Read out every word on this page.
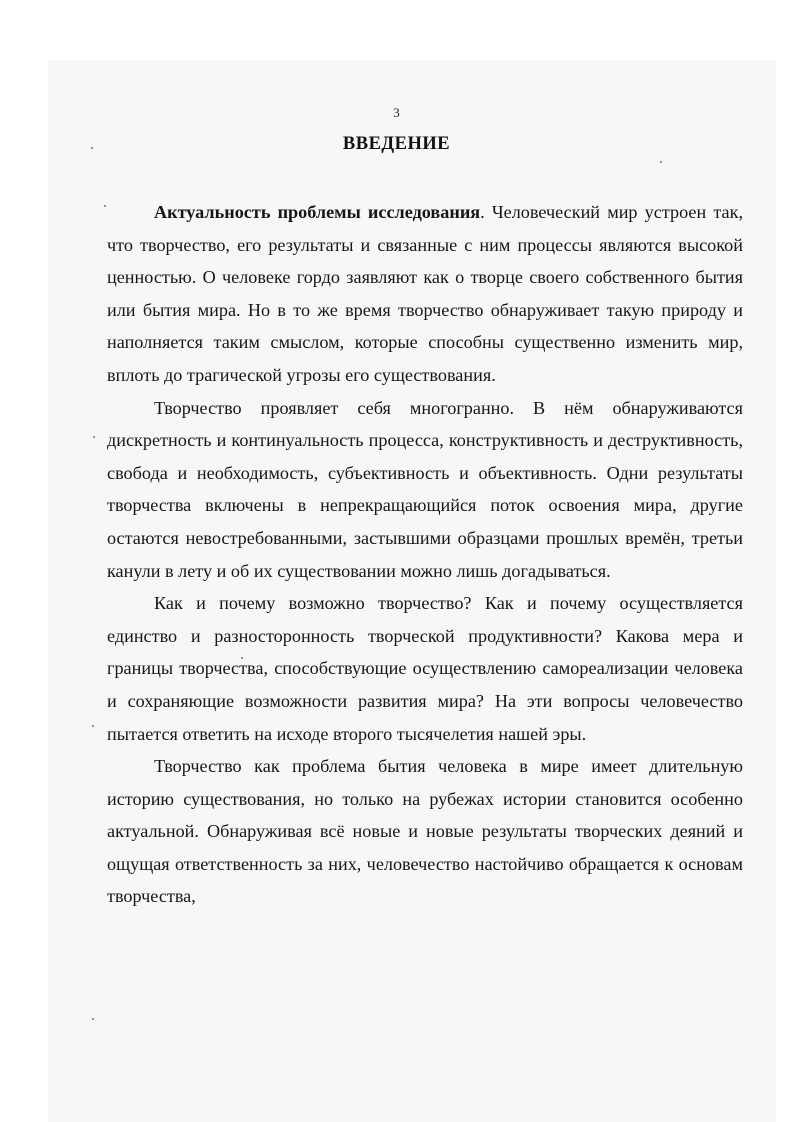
3
ВВЕДЕНИЕ

Актуальность проблемы исследования. Человеческий мир устроен так, что творчество, его результаты и связанные с ним процессы являются высокой ценностью. О человеке гордо заявляют как о творце своего собственного бытия или бытия мира. Но в то же время творчество обнаруживает такую природу и наполняется таким смыслом, которые способны существенно изменить мир, вплоть до трагической угрозы его существования.

Творчество проявляет себя многогранно. В нём обнаруживаются дискретность и континуальность процесса, конструктивность и деструктивность, свобода и необходимость, субъективность и объективность. Одни результаты творчества включены в непрекращающийся поток освоения мира, другие остаются невостребованными, застывшими образцами прошлых времён, третьи канули в лету и об их существовании можно лишь догадываться.

Как и почему возможно творчество? Как и почему осуществляется единство и разносторонность творческой продуктивности? Какова мера и границы творчества, способствующие осуществлению самореализации человека и сохраняющие возможности развития мира? На эти вопросы человечество пытается ответить на исходе второго тысячелетия нашей эры.

Творчество как проблема бытия человека в мире имеет длительную историю существования, но только на рубежах истории становится особенно актуальной. Обнаруживая всё новые и новые результаты творческих деяний и ощущая ответственность за них, человечество настойчиво обращается к основам творчества,
